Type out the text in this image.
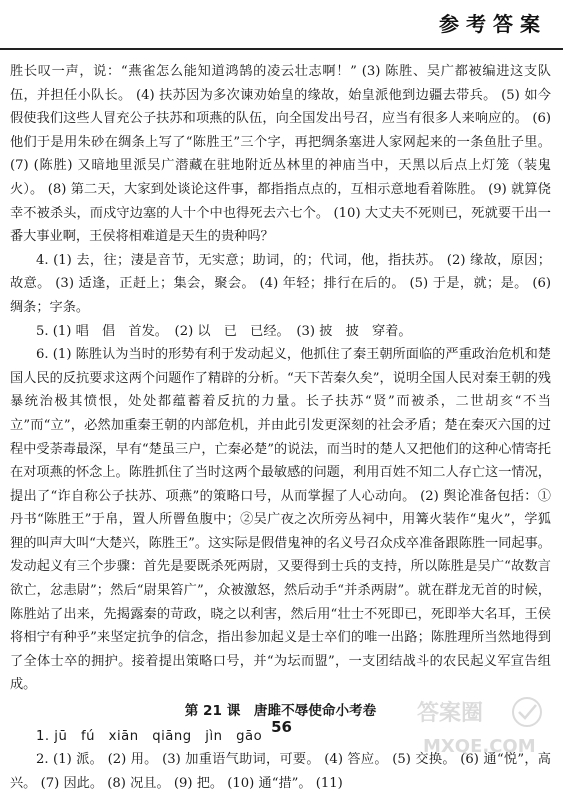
参考答案

胜长叹一声，说：“燕雀怎么能知道鸿鹄的凌云壮志啊！” (3) 陈胜、吴广都被编进这支队伍，并担任小队长。 (4) 扶苏因为多次谏劝始皇的缘故，始皇派他到边疆去带兵。 (5) 如今假使我们这些人冒充公子扶苏和项燕的队伍，向全国发出号召，应当有很多人来响应的。 (6) 他们于是用朱砂在绸条上写了“陈胜王”三个字，再把绸条塞进人家网起来的一条鱼肚子里。 (7) (陈胜) 又暗地里派吴广潜藏在驻地附近丛林里的神庙当中，天黑以后点上灯笼（装鬼火）。 (8) 第二天，大家到处谈论这件事，都指指点点的，互相示意地看着陈胜。 (9) 就算侥幸不被杀头，而戍守边塞的人十个中也得死去六七个。 (10) 大丈夫不死则已，死就要干出一番大事业啊，王侯将相难道是天生的贵种吗？

4. (1) 去，往；淒是音节，无实意；助词，的；代词，他，指扶苏。 (2) 缘故，原因；故意。 (3) 适逢，正赶上；集会，聚会。 (4) 年轻；排行在后的。 (5) 于是，就；是。 (6) 绸条；字条。

5. (1) 唱　倡　首发。　(2) 以　已　已经。　(3) 披　披　穿着。

6. (1) 陈胜认为当时的形势有利于发动起义，他抓住了秦王朝所面临的严重政治危机和楚国人民的反抗要求这两个问题作了精辟的分析。“天下苦秦久矣”，说明全国人民对秦王朝的残暴统治极其愤恨，处处都蕴蓄着反抗的力量。长子扶苏“贤”而被杀，二世胡亥“不当立”而“立”，必然加重秦王朝的内部危机，并由此引发更深刻的社会矛盾；楚在秦灭六国的过程中受荼毒最深，早有“楚虽三户，亡秦必楚”的说法，而当时的楚人又把他们的这种心情寄托在对项燕的怀念上。陈胜抓住了当时这两个最敏感的问题，利用百姓不知二人存亡这一情况，提出了“诈自称公子扶苏、项燕”的策略口号，从而掌握了人心动向。 (2) 舆论准备包括：①丹书“陈胜王”于帛，置人所罾鱼腹中；②吴广夜之次所旁丛祠中，用篝火装作“鬼火”，学狐狸的叫声大叫“大楚兴，陈胜王”。这实际是假借鬼神的名义号召众戍卒准备跟陈胜一同起事。发动起义有三个步骤：首先是要既杀死两尉，又要得到士兵的支持，所以陈胜是吴广“故数言欲亡，忿恚尉”；然后“尉果笞广”，众被激怒，然后动手“并杀两尉”。就在群龙无首的时候，陈胜站了出来，先揭露秦的苛政，晓之以利害，然后用“壮士不死即已，死即举大名耳，王侯将相宁有种乎”来坚定抗争的信念，指出参加起义是士卒们的唯一出路；陈胜理所当然地得到了全体士卒的拥护。接着提出策略口号，并“为坛而盟”，一支团结战斗的农民起义军宣告组成。

第 21 课　唐雎不辱使命小考卷

1. jū　fú　xiān　qiāng　jìn　gāo

2. (1) 派。 (2) 用。 (3) 加重语气助词，可要。 (4) 答应。 (5) 交换。 (6) 通“悦”，高兴。 (7) 因此。 (8) 况且。 (9) 把。 (10) 通“措”。 (11)

答案圈
MXQE.COM
56
